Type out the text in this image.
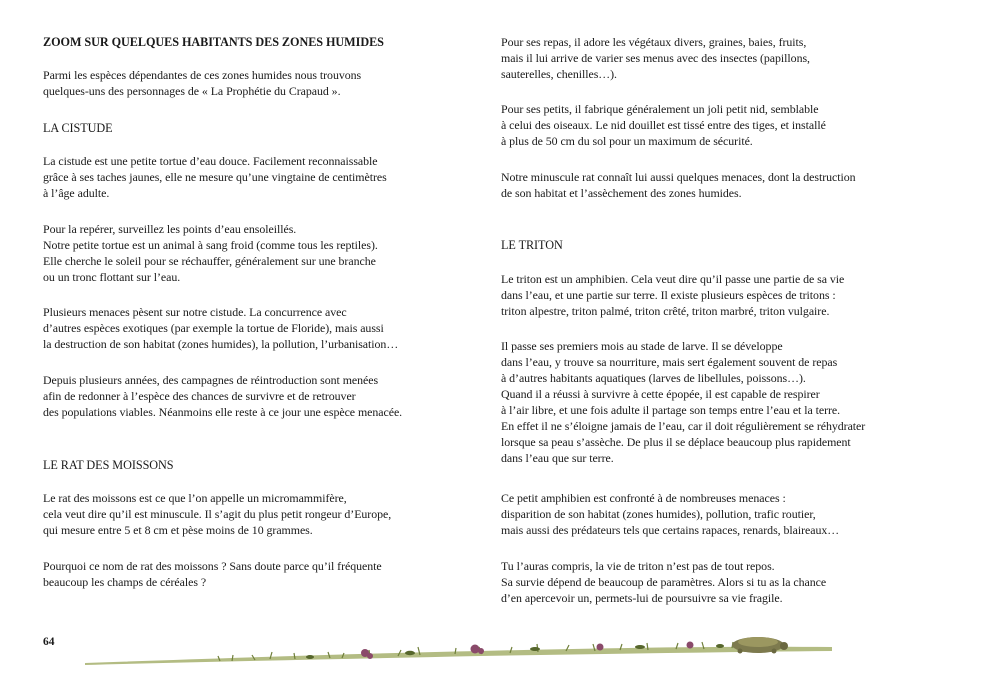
ZOOM SUR QUELQUES HABITANTS DES ZONES HUMIDES
Parmi les espèces dépendantes de ces zones humides nous trouvons
quelques-uns des personnages de « La Prophétie du Crapaud ».
LA CISTUDE
La cistude est une petite tortue d’eau douce. Facilement reconnaissable
grâce à ses taches jaunes, elle ne mesure qu’une vingtaine de centimètres
à l’âge adulte.
Pour la repérer, surveillez les points d’eau ensoleillés.
Notre petite tortue est un animal à sang froid (comme tous les reptiles).
Elle cherche le soleil pour se réchauffer, généralement sur une branche
ou un tronc flottant sur l’eau.
Plusieurs menaces pèsent sur notre cistude. La concurrence avec
d’autres espèces exotiques (par exemple la tortue de Floride), mais aussi
la destruction de son habitat (zones humides), la pollution, l’urbanisation…
Depuis plusieurs années, des campagnes de réintroduction sont menées
afin de redonner à l’espèce des chances de survivre et de retrouver
des populations viables. Néanmoins elle reste à ce jour une espèce menacée.
LE RAT DES MOISSONS
Le rat des moissons est ce que l’on appelle un micromammifère,
cela veut dire qu’il est minuscule. Il s’agit du plus petit rongeur d’Europe,
qui mesure entre 5 et 8 cm et pèse moins de 10 grammes.
Pourquoi ce nom de rat des moissons ? Sans doute parce qu’il fréquente
beaucoup les champs de céréales ?
Pour ses repas, il adore les végétaux divers, graines, baies, fruits,
mais il lui arrive de varier ses menus avec des insectes (papillons,
sauterelles, chenilles…).
Pour ses petits, il fabrique généralement un joli petit nid, semblable
à celui des oiseaux. Le nid douillet est tissé entre des tiges, et installé
à plus de 50 cm du sol pour un maximum de sécurité.
Notre minuscule rat connaît lui aussi quelques menaces, dont la destruction
de son habitat et l’assèchement des zones humides.
LE TRITON
Le triton est un amphibien. Cela veut dire qu’il passe une partie de sa vie
dans l’eau, et une partie sur terre. Il existe plusieurs espèces de tritons :
triton alpestre, triton palmé, triton crêté, triton marbré, triton vulgaire.
Il passe ses premiers mois au stade de larve. Il se développe
dans l’eau, y trouve sa nourriture, mais sert également souvent de repas
à d’autres habitants aquatiques (larves de libellules, poissons…).
Quand il a réussi à survivre à cette épopée, il est capable de respirer
à l’air libre, et une fois adulte il partage son temps entre l’eau et la terre.
En effet il ne s’éloigne jamais de l’eau, car il doit régulièrement se réhydrater
lorsque sa peau s’assèche. De plus il se déplace beaucoup plus rapidement
dans l’eau que sur terre.
Ce petit amphibien est confronté à de nombreuses menaces :
disparition de son habitat (zones humides), pollution, trafic routier,
mais aussi des prédateurs tels que certains rapaces, renards, blaireaux…
Tu l’auras compris, la vie de triton n’est pas de tout repos.
Sa survie dépend de beaucoup de paramètres. Alors si tu as la chance
d’en apercevoir un, permets-lui de poursuivre sa vie fragile.
64
